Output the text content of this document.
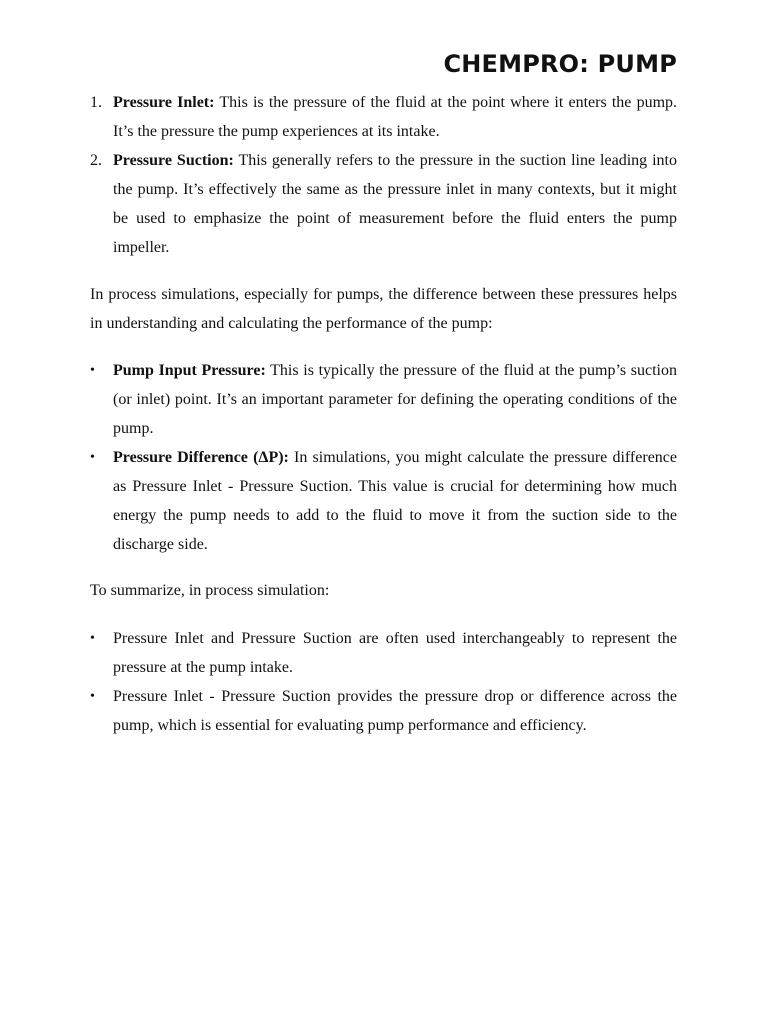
CHEMPRO: PUMP
1. Pressure Inlet: This is the pressure of the fluid at the point where it enters the pump. It’s the pressure the pump experiences at its intake.
2. Pressure Suction: This generally refers to the pressure in the suction line leading into the pump. It’s effectively the same as the pressure inlet in many contexts, but it might be used to emphasize the point of measurement before the fluid enters the pump impeller.

In process simulations, especially for pumps, the difference between these pressures helps in understanding and calculating the performance of the pump:

• Pump Input Pressure: This is typically the pressure of the fluid at the pump’s suction (or inlet) point. It’s an important parameter for defining the operating conditions of the pump.
• Pressure Difference (ΔP): In simulations, you might calculate the pressure difference as Pressure Inlet - Pressure Suction. This value is crucial for determining how much energy the pump needs to add to the fluid to move it from the suction side to the discharge side.

To summarize, in process simulation:

• Pressure Inlet and Pressure Suction are often used interchangeably to represent the pressure at the pump intake.
• Pressure Inlet - Pressure Suction provides the pressure drop or difference across the pump, which is essential for evaluating pump performance and efficiency.
